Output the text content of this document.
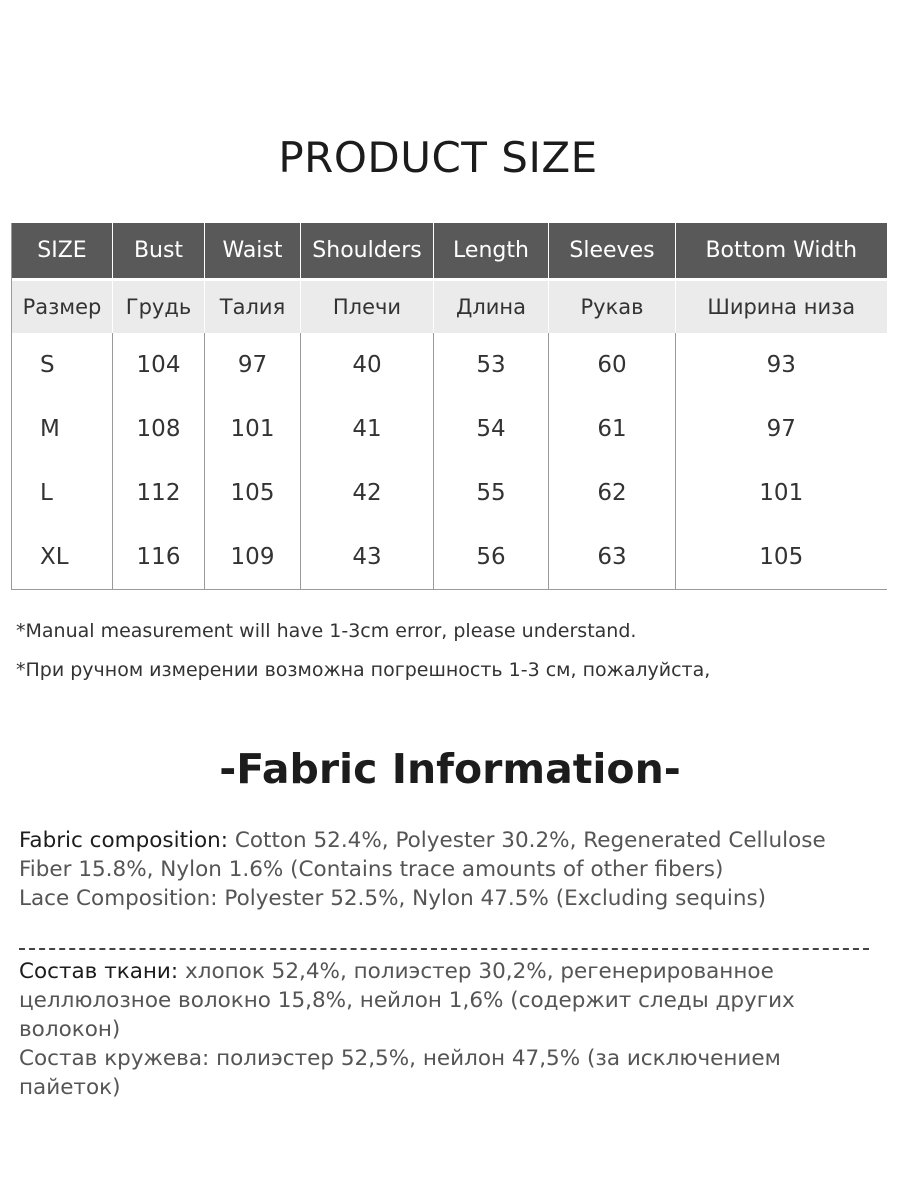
PRODUCT SIZE
SIZE	Bust	Waist	Shoulders	Length	Sleeves	Bottom Width

Размер	Грудь	Талия	Плечи	Длина	Рукав	Ширина низа
S	104	97	40	53	60	93
M	108	101	41	54	61	97
L	112	105	42	55	62	101
XL	116	109	43	56	63	105

*Manual measurement will have 1-3cm error, please understand.

*При ручном измерении возможна погрешность 1-3 см, пожалуйста,

-Fabric Information-
Fabric composition: Cotton 52.4%, Polyester 30.2%, Regenerated Cellulose Fiber 15.8%, Nylon 1.6% (Contains trace amounts of other fibers)
Lace Composition: Polyester 52.5%, Nylon 47.5% (Excluding sequins)
Состав ткани: хлопок 52,4%, полиэстер 30,2%, регенерированное целлюлозное волокно 15,8%, нейлон 1,6% (содержит следы других волокон)
Состав кружева: полиэстер 52,5%, нейлон 47,5% (за исключением пайеток)
